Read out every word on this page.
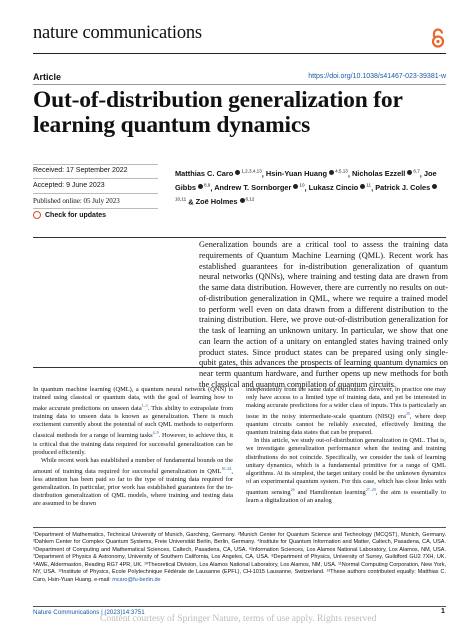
nature communications
Article	https://doi.org/10.1038/s41467-023-39381-w
Out-of-distribution generalization for learning quantum dynamics
Received: 17 September 2022
Accepted: 9 June 2023
Published online: 05 July 2023
Check for updates
Matthias C. Caro $^{1,2,3,4,13}$, Hsin-Yuan Huang $^{4,5,13}$, Nicholas Ezzell $^{6,7}$, Joe Gibbs $^{8,9}$, Andrew T. Sornborger $^{10}$, Lukasz Cincio $^{11}$, Patrick J. Coles$^{10,11}$ & Zoë Holmes $^{6,12}$

Generalization bounds are a critical tool to assess the training data requirements of Quantum Machine Learning (QML). Recent work has established guarantees for in-distribution generalization of quantum neural networks (QNNs), where training and testing data are drawn from the same data distribution. However, there are currently no results on out-of-distribution generalization in QML, where we require a trained model to perform well even on data drawn from a different distribution to the training distribution. Here, we prove out-of-distribution generalization for the task of learning an unknown unitary. In particular, we show that one can learn the action of a unitary on entangled states having trained only product states. Since product states can be prepared using only single-qubit gates, this advances the prospects of learning quantum dynamics on near term quantum hardware, and further opens up new methods for both the classical and quantum compilation of quantum circuits.

In quantum machine learning (QML), a quantum neural network (QNN) is trained using classical or quantum data, with the goal of learning how to make accurate predictions on unseen data$^{1-3}$. This ability to extrapolate from training data to unseen data is known as generalization. There is much excitement currently about the potential of such QML methods to outperform classical methods for a range of learning tasks$^{4-9}$. However, to achieve this, it is critical that the training data required for successful generalization can be produced efficiently.

While recent work has established a number of fundamental bounds on the amount of training data required for successful generalization in QML$^{10-24}$, less attention has been paid so far to the type of training data required for generalization. In particular, prior work has established guarantees for the in-distribution generalization of QML models, where training and testing data are assumed to be drawn

independently from the same data distribution. However, in practice one may only have access to a limited type of training data, and yet be interested in making accurate predictions for a wider class of inputs. This is particularly an issue in the noisy intermediate-scale quantum (NISQ) era$^{25}$, where deep quantum circuits cannot be reliably executed, effectively limiting the quantum training data states that can be prepared.

In this article, we study out-of-distribution generalization in QML. That is, we investigate generalization performance when the testing and training distributions do not coincide. Specifically, we consider the task of learning unitary dynamics, which is a fundamental primitive for a range of QML algorithms. At its simplest, the target unitary could be the unknown dynamics of an experimental quantum system. For this case, which has close links with quantum sensing$^{26}$ and Hamiltonian learning$^{27-29}$, the aim is essentially to learn a digitalization of an analog

¹Department of Mathematics, Technical University of Munich, Garching, Germany. ²Munich Center for Quantum Science and Technology (MCQST), Munich, Germany. ³Dahlem Center for Complex Quantum Systems, Freie Universität Berlin, Berlin, Germany. ⁴Institute for Quantum Information and Matter, Caltech, Pasadena, CA, USA. ⁵Department of Computing and Mathematical Sciences, Caltech, Pasadena, CA, USA. ⁶Information Sciences, Los Alamos National Laboratory, Los Alamos, NM, USA. ⁷Department of Physics & Astronomy, University of Southern California, Los Angeles, CA, USA. ⁸Department of Physics, University of Surrey, Guildford GU2 7XH, UK. ⁹AWE, Aldermaston, Reading RG7 4PR, UK. ¹⁰Theoretical Division, Los Alamos National Laboratory, Los Alamos, NM, USA. ¹¹Normal Computing Corporation, New York, NY, USA. ¹²Institute of Physics, Ecole Polytechnique Fédérale de Lausanne (EPFL), CH-1015 Lausanne, Switzerland. ¹³These authors contributed equally: Matthias C. Caro, Hsin-Yuan Huang. e-mail: mcaro@fu-berlin.de
Nature Communications | (2023)14:3751	1
Content courtesy of Springer Nature, terms of use apply. Rights reserved
